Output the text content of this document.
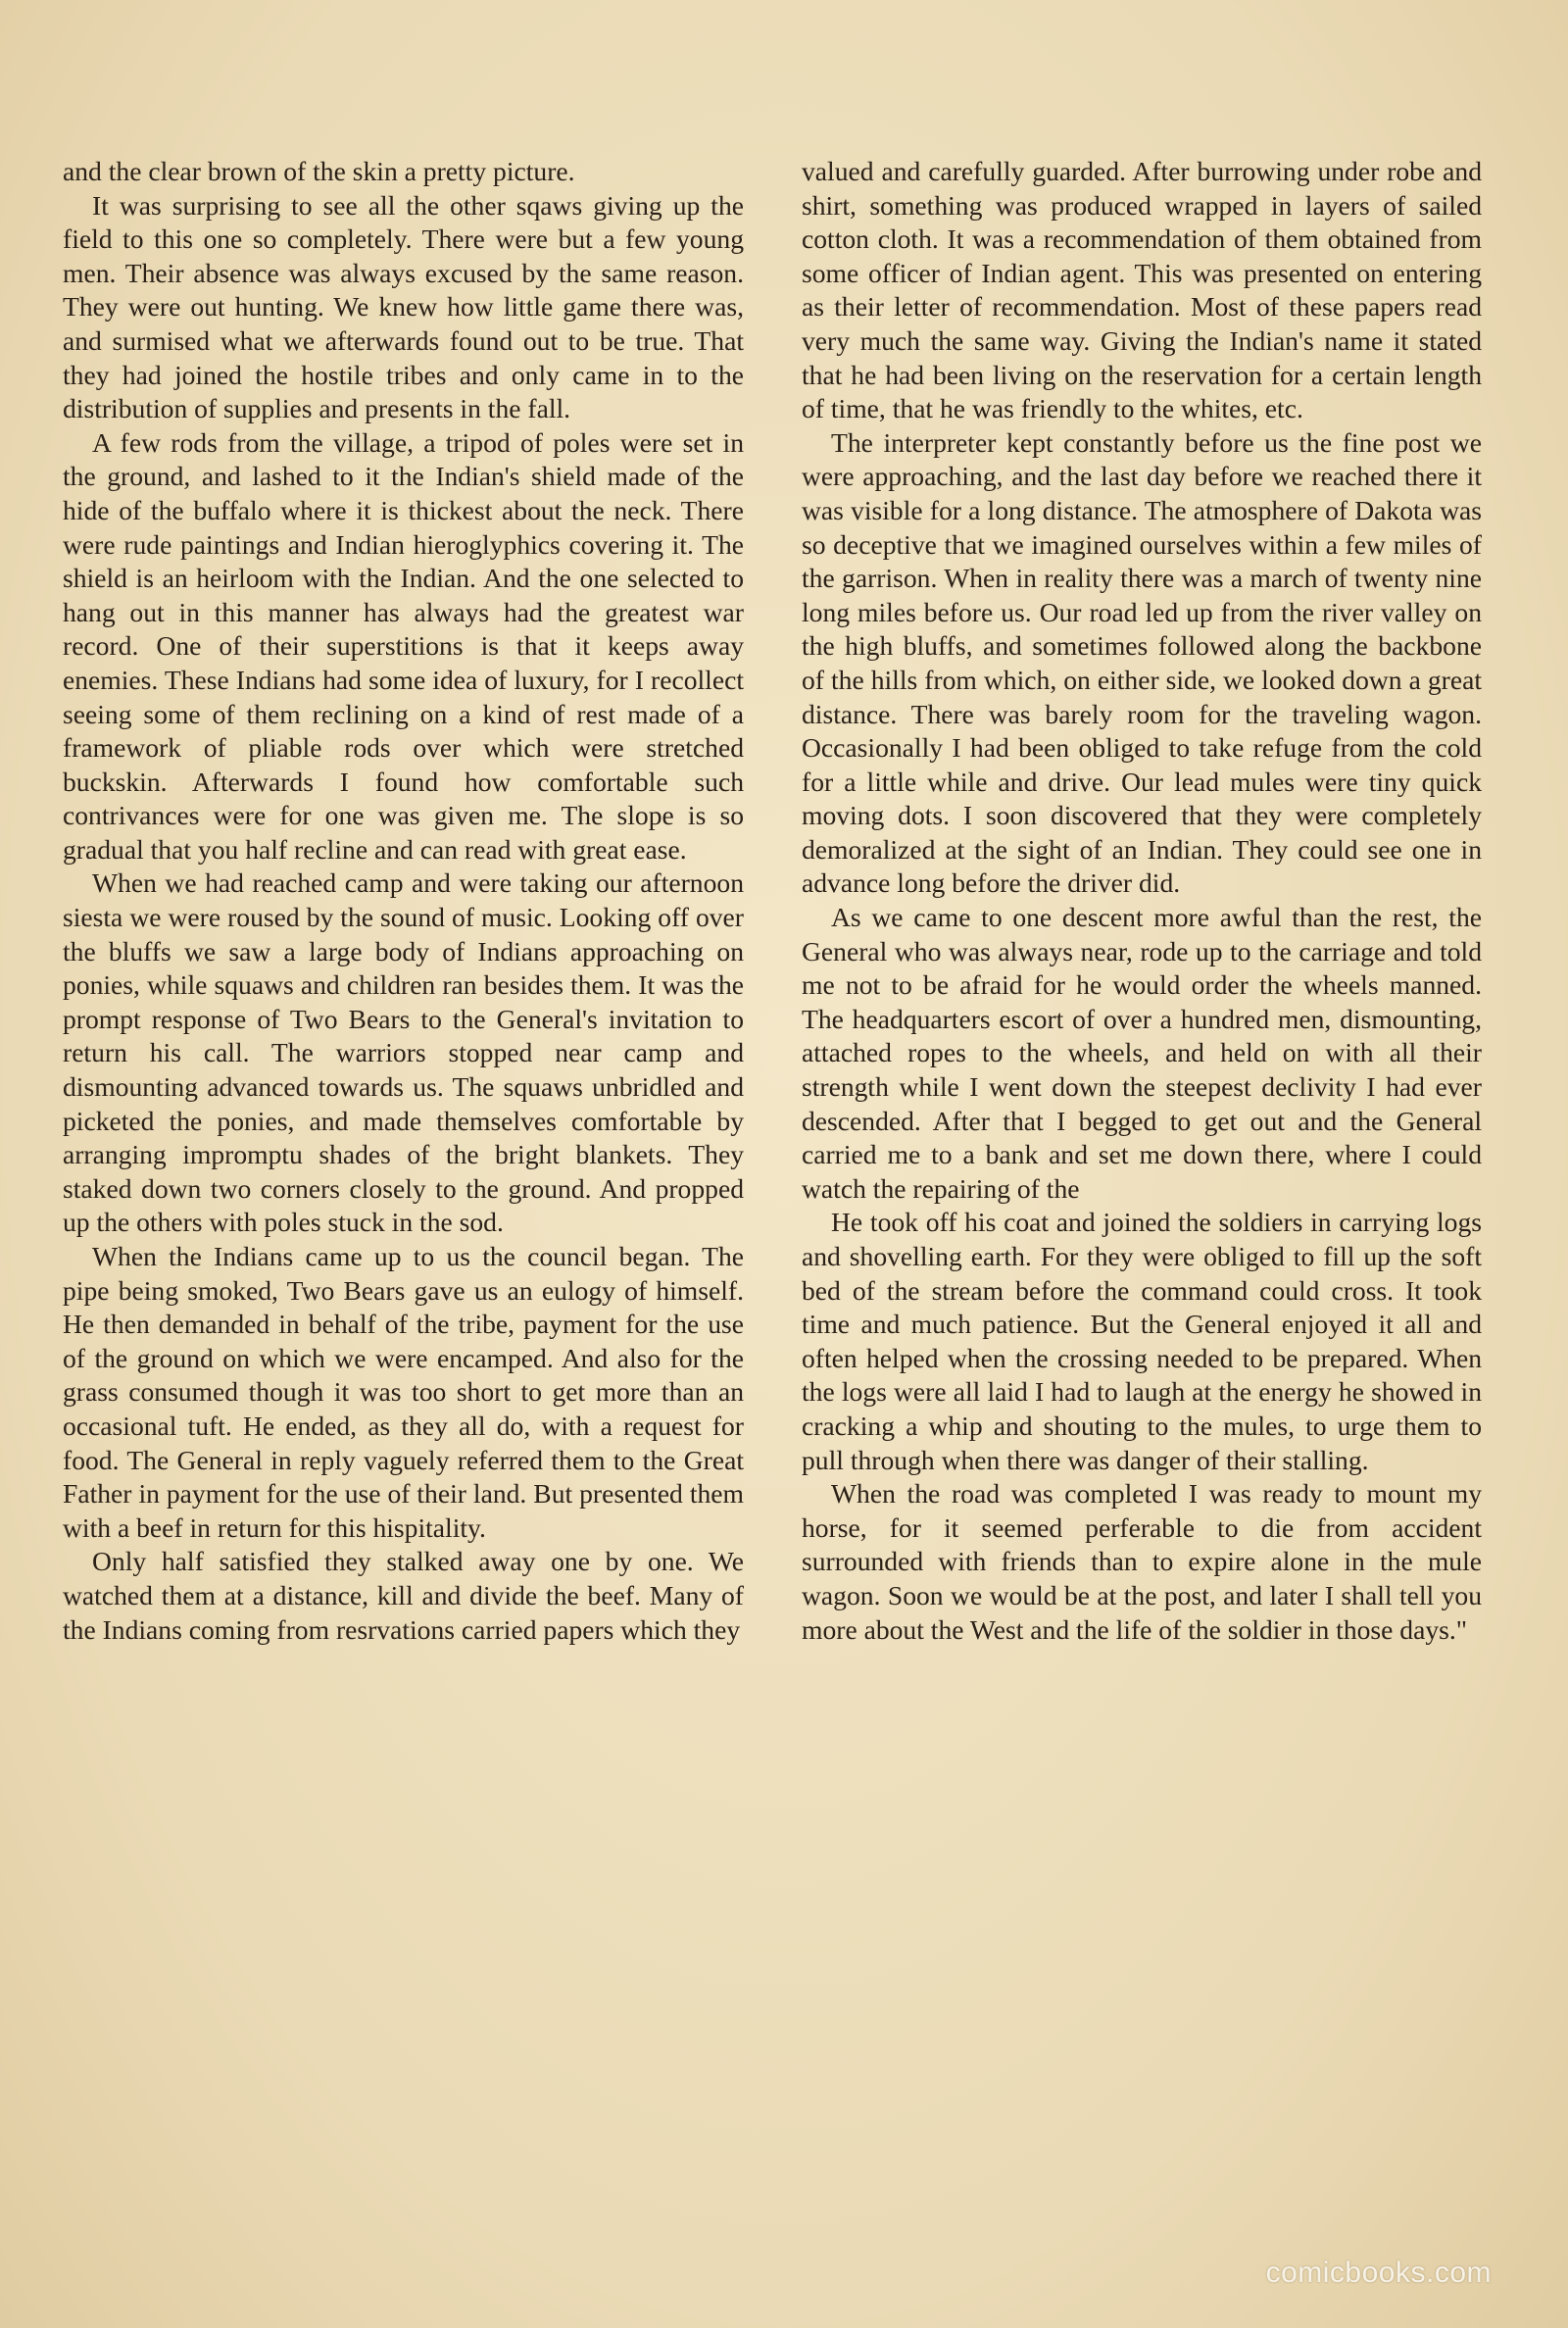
and the clear brown of the skin a pretty picture.

It was surprising to see all the other sqaws giving up the field to this one so completely. There were but a few young men. Their absence was always excused by the same reason. They were out hunting. We knew how little game there was, and surmised what we afterwards found out to be true. That they had joined the hostile tribes and only came in to the distribution of supplies and presents in the fall.

A few rods from the village, a tripod of poles were set in the ground, and lashed to it the Indian's shield made of the hide of the buffalo where it is thickest about the neck. There were rude paintings and Indian hieroglyphics covering it. The shield is an heirloom with the Indian. And the one selected to hang out in this manner has always had the greatest war record. One of their superstitions is that it keeps away enemies. These Indians had some idea of luxury, for I recollect seeing some of them reclining on a kind of rest made of a framework of pliable rods over which were stretched buckskin. Afterwards I found how comfortable such contrivances were for one was given me. The slope is so gradual that you half recline and can read with great ease.

When we had reached camp and were taking our afternoon siesta we were roused by the sound of music. Looking off over the bluffs we saw a large body of Indians approaching on ponies, while squaws and children ran besides them. It was the prompt response of Two Bears to the General's invitation to return his call. The warriors stopped near camp and dismounting advanced towards us. The squaws unbridled and picketed the ponies, and made themselves comfortable by arranging impromptu shades of the bright blankets. They staked down two corners closely to the ground. And propped up the others with poles stuck in the sod.

When the Indians came up to us the council began. The pipe being smoked, Two Bears gave us an eulogy of himself. He then demanded in behalf of the tribe, payment for the use of the ground on which we were encamped. And also for the grass consumed though it was too short to get more than an occasional tuft. He ended, as they all do, with a request for food. The General in reply vaguely referred them to the Great Father in payment for the use of their land. But presented them with a beef in return for this hispitality.

Only half satisfied they stalked away one by one. We watched them at a distance, kill and divide the beef. Many of the Indians coming from resrvations carried papers which they

valued and carefully guarded. After burrowing under robe and shirt, something was produced wrapped in layers of sailed cotton cloth. It was a recommendation of them obtained from some officer of Indian agent. This was presented on entering as their letter of recommendation. Most of these papers read very much the same way. Giving the Indian's name it stated that he had been living on the reservation for a certain length of time, that he was friendly to the whites, etc.

The interpreter kept constantly before us the fine post we were approaching, and the last day before we reached there it was visible for a long distance. The atmosphere of Dakota was so deceptive that we imagined ourselves within a few miles of the garrison. When in reality there was a march of twenty nine long miles before us. Our road led up from the river valley on the high bluffs, and sometimes followed along the backbone of the hills from which, on either side, we looked down a great distance. There was barely room for the traveling wagon. Occasionally I had been obliged to take refuge from the cold for a little while and drive. Our lead mules were tiny quick moving dots. I soon discovered that they were completely demoralized at the sight of an Indian. They could see one in advance long before the driver did.

As we came to one descent more awful than the rest, the General who was always near, rode up to the carriage and told me not to be afraid for he would order the wheels manned. The headquarters escort of over a hundred men, dismounting, attached ropes to the wheels, and held on with all their strength while I went down the steepest declivity I had ever descended. After that I begged to get out and the General carried me to a bank and set me down there, where I could watch the repairing of the

He took off his coat and joined the soldiers in carrying logs and shovelling earth. For they were obliged to fill up the soft bed of the stream before the command could cross. It took time and much patience. But the General enjoyed it all and often helped when the crossing needed to be prepared. When the logs were all laid I had to laugh at the energy he showed in cracking a whip and shouting to the mules, to urge them to pull through when there was danger of their stalling.

When the road was completed I was ready to mount my horse, for it seemed perferable to die from accident surrounded with friends than to expire alone in the mule wagon. Soon we would be at the post, and later I shall tell you more about the West and the life of the soldier in those days."

comicbooks.com
